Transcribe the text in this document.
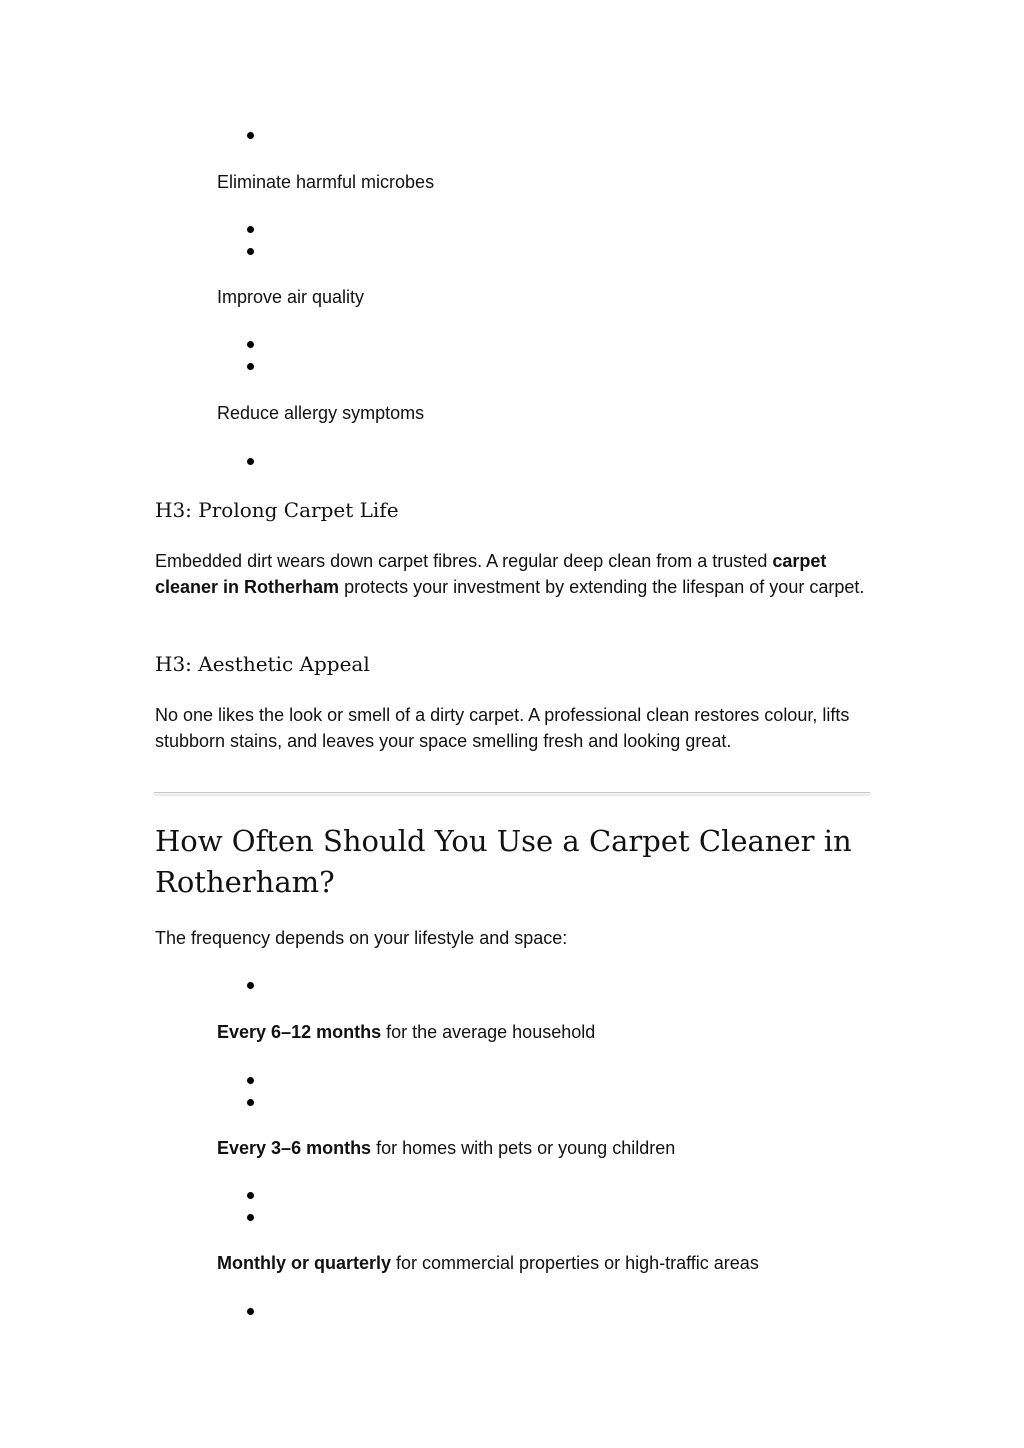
Eliminate harmful microbes
Improve air quality
Reduce allergy symptoms
H3: Prolong Carpet Life
Embedded dirt wears down carpet fibres. A regular deep clean from a trusted carpet cleaner in Rotherham protects your investment by extending the lifespan of your carpet.
H3: Aesthetic Appeal
No one likes the look or smell of a dirty carpet. A professional clean restores colour, lifts stubborn stains, and leaves your space smelling fresh and looking great.
How Often Should You Use a Carpet Cleaner in Rotherham?
The frequency depends on your lifestyle and space:
Every 6–12 months for the average household
Every 3–6 months for homes with pets or young children
Monthly or quarterly for commercial properties or high-traffic areas
